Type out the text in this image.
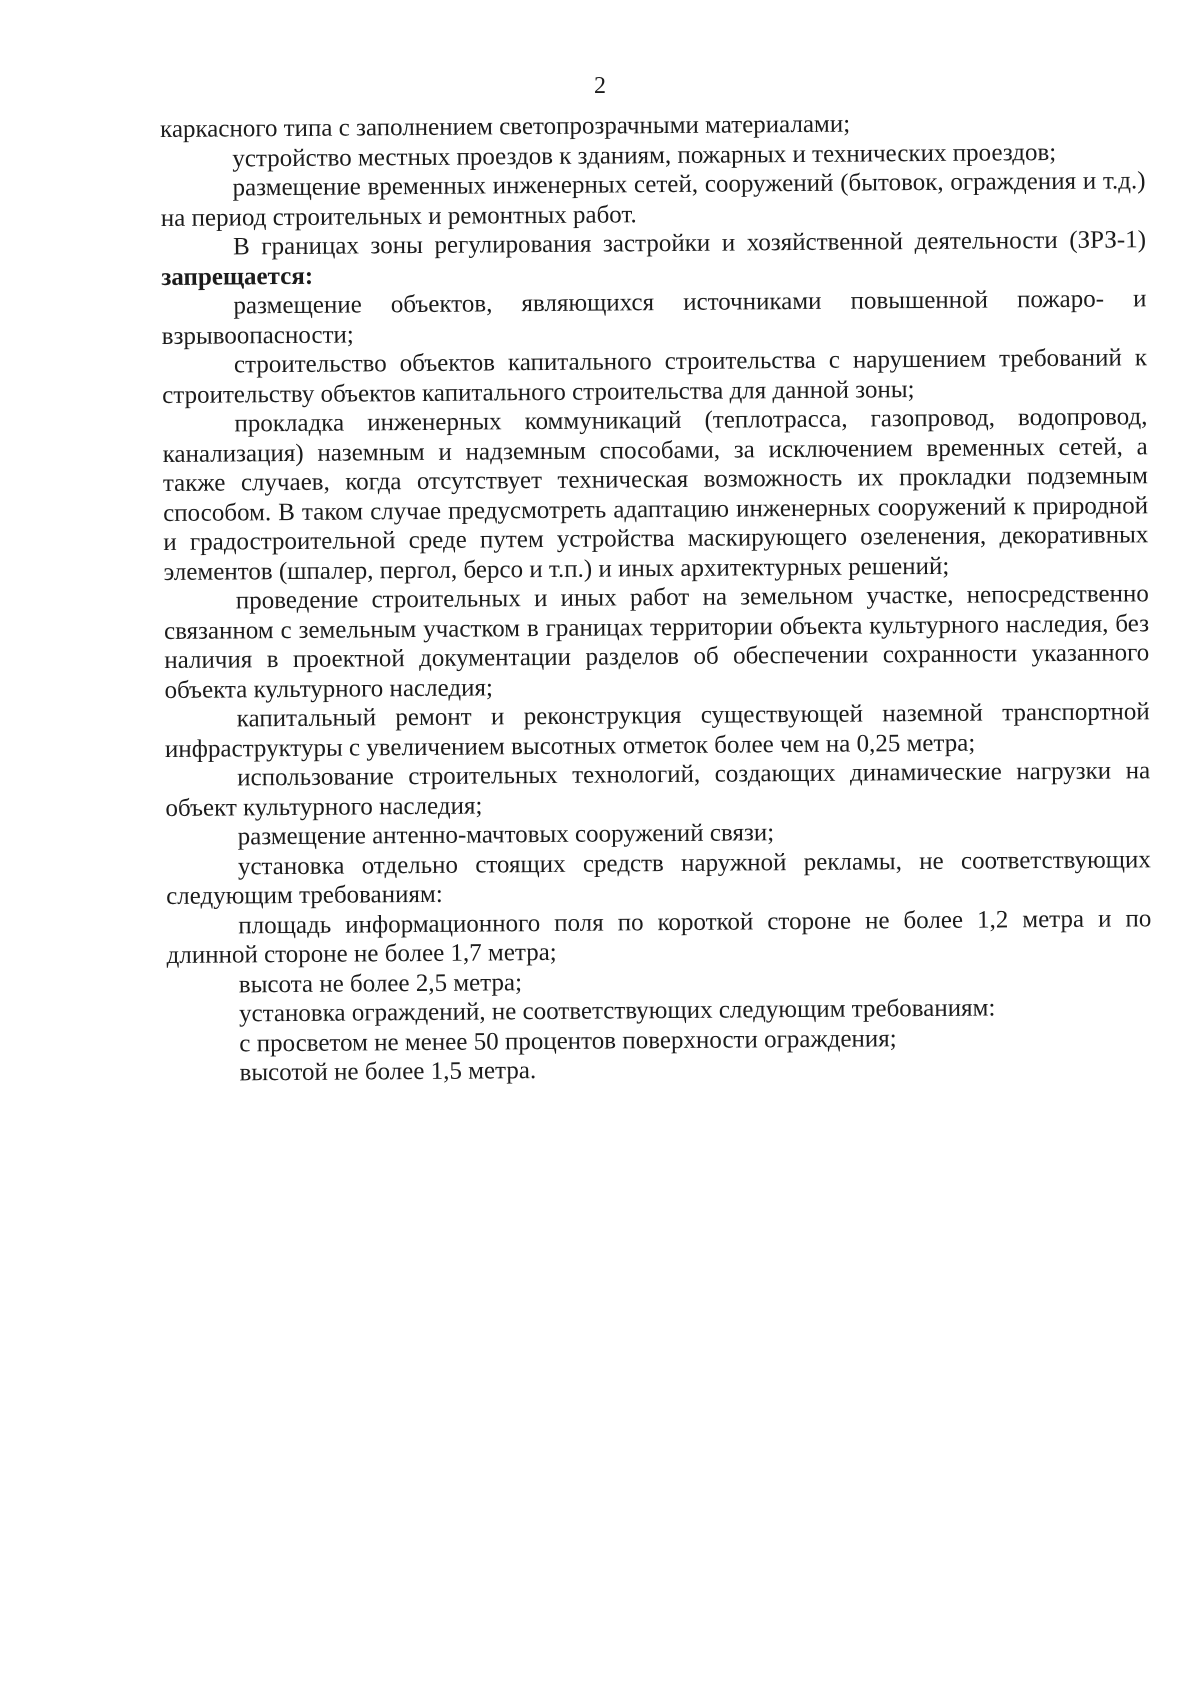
2

каркасного типа с заполнением светопрозрачными материалами;

устройство местных проездов к зданиям, пожарных и технических проездов;

размещение временных инженерных сетей, сооружений (бытовок, ограждения и т.д.) на период строительных и ремонтных работ.

В границах зоны регулирования застройки и хозяйственной деятельности (ЗРЗ-1) запрещается:

размещение объектов, являющихся источниками повышенной пожаро- и взрывоопасности;

строительство объектов капитального строительства с нарушением требований к строительству объектов капитального строительства для данной зоны;

прокладка инженерных коммуникаций (теплотрасса, газопровод, водопровод, канализация) наземным и надземным способами, за исключением временных сетей, а также случаев, когда отсутствует техническая возможность их прокладки подземным способом. В таком случае предусмотреть адаптацию инженерных сооружений к природной и градостроительной среде путем устройства маскирующего озеленения, декоративных элементов (шпалер, пергол, берсо и т.п.) и иных архитектурных решений;

проведение строительных и иных работ на земельном участке, непосредственно связанном с земельным участком в границах территории объекта культурного наследия, без наличия в проектной документации разделов об обеспечении сохранности указанного объекта культурного наследия;

капитальный ремонт и реконструкция существующей наземной транспортной инфраструктуры с увеличением высотных отметок более чем на 0,25 метра;

использование строительных технологий, создающих динамические нагрузки на объект культурного наследия;

размещение антенно-мачтовых сооружений связи;

установка отдельно стоящих средств наружной рекламы, не соответствующих следующим требованиям:

площадь информационного поля по короткой стороне не более 1,2 метра и по длинной стороне не более 1,7 метра;

высота не более 2,5 метра;

установка ограждений, не соответствующих следующим требованиям:

с просветом не менее 50 процентов поверхности ограждения;

высотой не более 1,5 метра.
